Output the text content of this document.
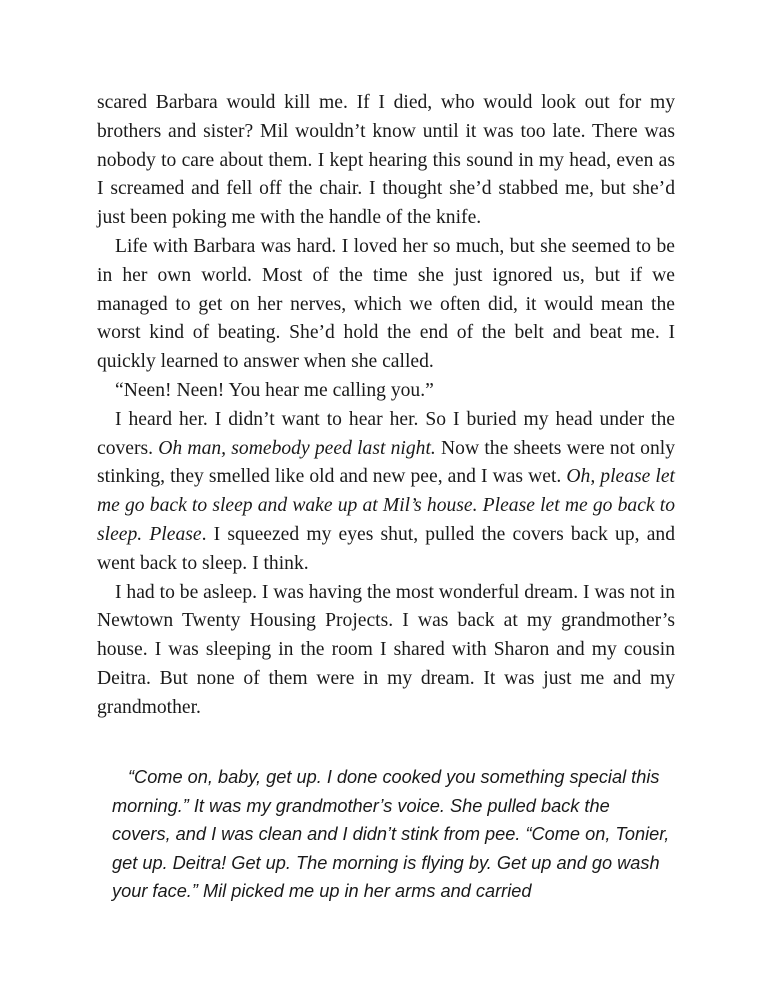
scared Barbara would kill me. If I died, who would look out for my brothers and sister? Mil wouldn’t know until it was too late. There was nobody to care about them. I kept hearing this sound in my head, even as I screamed and fell off the chair. I thought she’d stabbed me, but she’d just been poking me with the handle of the knife.

Life with Barbara was hard. I loved her so much, but she seemed to be in her own world. Most of the time she just ignored us, but if we managed to get on her nerves, which we often did, it would mean the worst kind of beating. She’d hold the end of the belt and beat me. I quickly learned to answer when she called.

“Neen! Neen! You hear me calling you.”

I heard her. I didn’t want to hear her. So I buried my head under the covers. Oh man, somebody peed last night. Now the sheets were not only stinking, they smelled like old and new pee, and I was wet. Oh, please let me go back to sleep and wake up at Mil’s house. Please let me go back to sleep. Please. I squeezed my eyes shut, pulled the covers back up, and went back to sleep. I think.

I had to be asleep. I was having the most wonderful dream. I was not in Newtown Twenty Housing Projects. I was back at my grandmother’s house. I was sleeping in the room I shared with Sharon and my cousin Deitra. But none of them were in my dream. It was just me and my grandmother.

“Come on, baby, get up. I done cooked you something special this morning.” It was my grandmother’s voice. She pulled back the covers, and I was clean and I didn’t stink from pee. “Come on, Tonier, get up. Deitra! Get up. The morning is flying by. Get up and go wash your face.” Mil picked me up in her arms and carried
